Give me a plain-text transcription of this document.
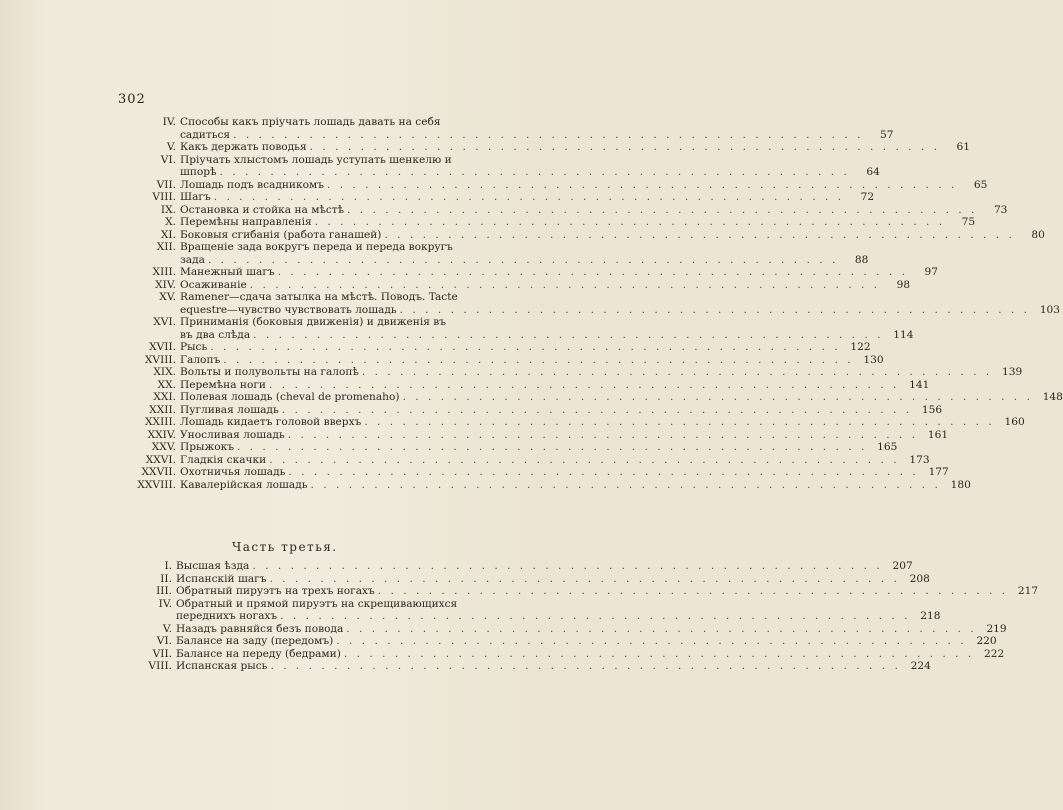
302
IV. Способы какъ пріучать лошадь давать на себя
садиться . . .	57
V. Какъ держать поводья . . .	61
VI. Пріучать хлыстомъ лошадь уступать шенкелю и
шпорѣ . . .	64
VII. Лошадь подъ всадникомъ . . .	65
VIII. Шагъ . . .	72
IX. Остановка и стойка на мѣстѣ . . .	73
X. Перемѣны направленія . . .	75
XI. Боковыя сгибанія (работа ганашей) . . .	80
XII. Вращеніе зада вокругъ переда и переда вокругъ
зада . . .	88
XIII. Манежный шагъ . . .	97
XIV. Осаживаніе . . .	98
XV. Ramener—сдача затылка на мѣстѣ. Поводъ. Tacte
equestre—чувство чувствовать лошадь . . .	103
XVI. Приниманія (боковыя движенія) и движенія въ
въ два слѣда . . .	114
XVII. Рысь . . .	122
XVIII. Галопъ . . .	130
XIX. Вольты и полувольты на галопѣ . . .	139
XX. Перемѣна ноги . . .	141
XXI. Полевая лошадь (cheval de promenaho) . . .	148
XXII. Пугливая лошадь . . .	156
XXIII. Лошадь кидаетъ головой вверхъ . . .	160
XXIV. Уносливая лошадь . . .	161
XXV. Прыжокъ . . .	165
XXVI. Гладкія скачки . . .	173
XXVII. Охотничья лошадь . . .	177
XXVIII. Кавалерійская лошадь . . .	180
Часть третья.
I. Высшая ѣзда . . .	207
II. Испанскій шагъ . . .	208
III. Обратный пируэтъ на трехъ ногахъ . . .	217
IV. Обратный и прямой пируэтъ на скрещивающихся
переднихъ ногахъ . . .	218
V. Назадъ равняйся безъ повода . . .	219
VI. Балансе на заду (передомъ) . . .	220
VII. Балансе на переду (бедрами) . . .	222
VIII. Испанская рысь . . .	224
